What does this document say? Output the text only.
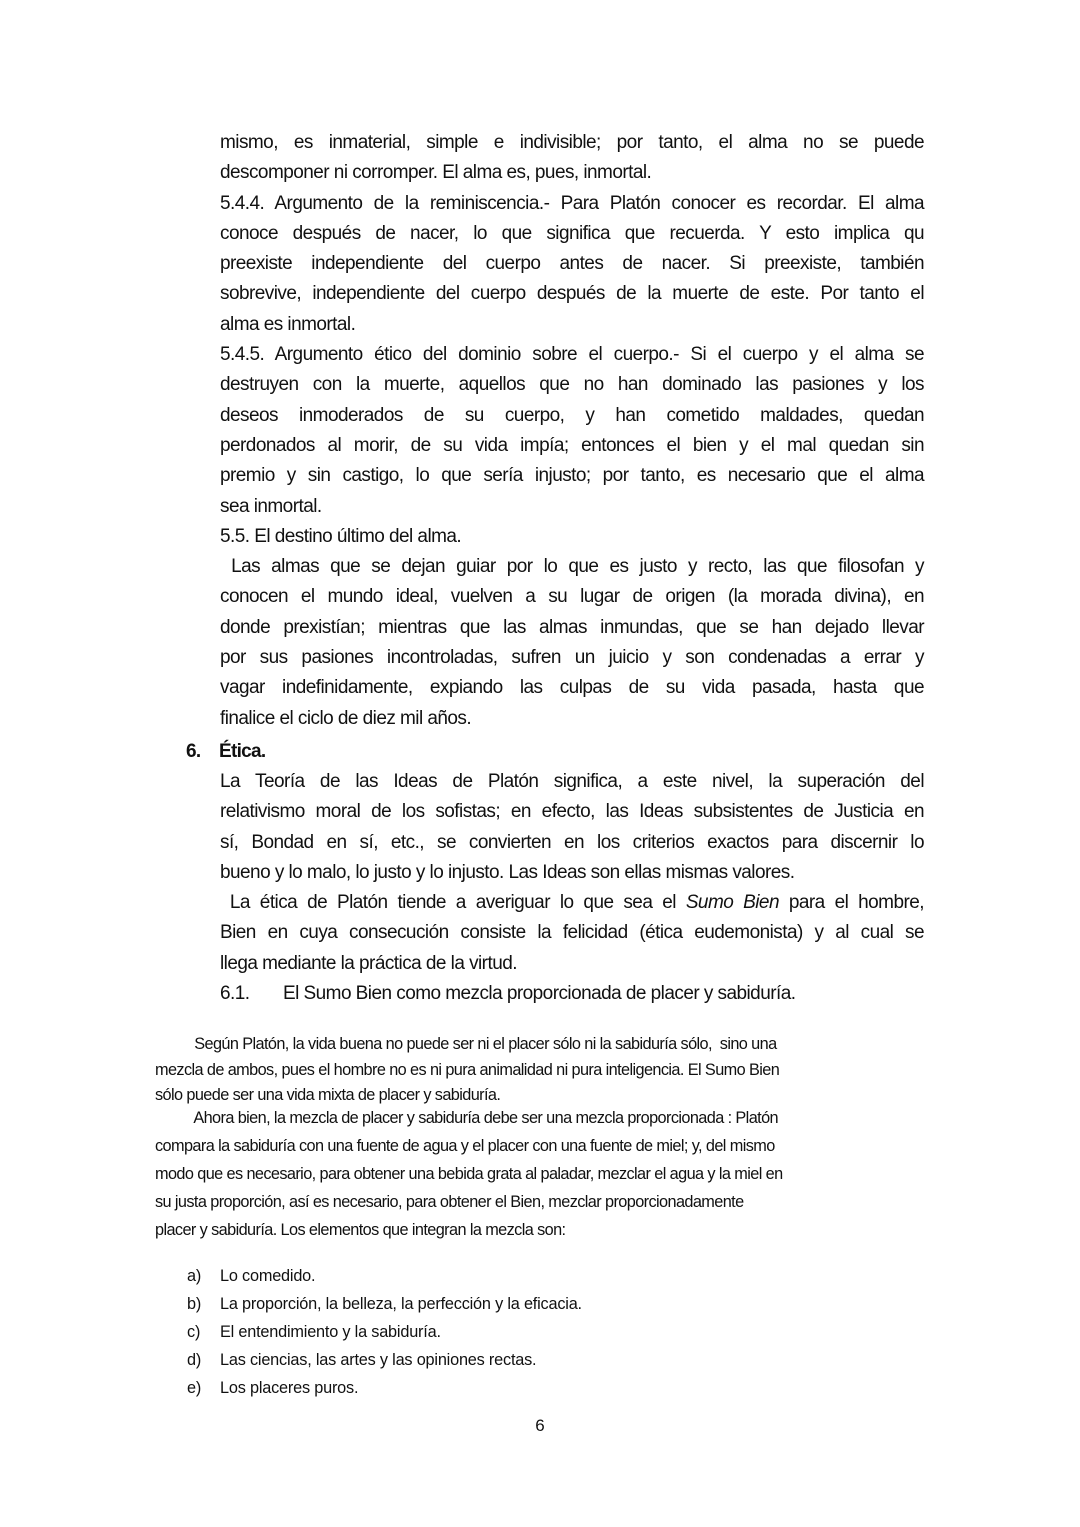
mismo, es inmaterial, simple e indivisible; por tanto, el alma no se puede
descomponer ni corromper. El alma es, pues, inmortal.
5.4.4. Argumento de la reminiscencia.- Para Platón conocer es recordar. El alma
conoce después de nacer, lo que significa que recuerda. Y esto implica qu
preexiste independiente del cuerpo antes de nacer. Si preexiste, también
sobrevive, independiente del cuerpo después de la muerte de este. Por tanto el
alma es inmortal.
5.4.5. Argumento ético del dominio sobre el cuerpo.- Si el cuerpo y el alma se
destruyen con la muerte, aquellos que no han dominado las pasiones y los
deseos inmoderados de su cuerpo, y han cometido maldades, quedan
perdonados al morir, de su vida impía; entonces el bien y el mal quedan sin
premio y sin castigo, lo que sería injusto; por tanto, es necesario que el alma
sea inmortal.
5.5. El destino último del alma.
Las almas que se dejan guiar por lo que es justo y recto, las que filosofan y
conocen el mundo ideal, vuelven a su lugar de origen (la morada divina), en
donde prexistían; mientras que las almas inmundas, que se han dejado llevar
por sus pasiones incontroladas, sufren un juicio y son condenadas a errar y
vagar indefinidamente, expiando las culpas de su vida pasada, hasta que
finalice el ciclo de diez mil años.
6. Ética.
La Teoría de las Ideas de Platón significa, a este nivel, la superación del
relativismo moral de los sofistas; en efecto, las Ideas subsistentes de Justicia en
sí, Bondad en sí, etc., se convierten en los criterios exactos para discernir lo
bueno y lo malo, lo justo y lo injusto. Las Ideas son ellas mismas valores.
La ética de Platón tiende a averiguar lo que sea el Sumo Bien para el hombre,
Bien en cuya consecución consiste la felicidad (ética eudemonista) y al cual se
llega mediante la práctica de la virtud.
6.1. El Sumo Bien como mezcla proporcionada de placer y sabiduría.
Según Platón, la vida buena no puede ser ni el placer sólo ni la sabiduría sólo,  sino una
mezcla de ambos, pues el hombre no es ni pura animalidad ni pura inteligencia. El Sumo Bien
sólo puede ser una vida mixta de placer y sabiduría.
Ahora bien, la mezcla de placer y sabiduría debe ser una mezcla proporcionada : Platón
compara la sabiduría con una fuente de agua y el placer con una fuente de miel; y, del mismo
modo que es necesario, para obtener una bebida grata al paladar, mezclar el agua y la miel en
su justa proporción, así es necesario, para obtener el Bien, mezclar proporcionadamente
placer y sabiduría. Los elementos que integran la mezcla son:
a) Lo comedido.
b) La proporción, la belleza, la perfección y la eficacia.
c) El entendimiento y la sabiduría.
d) Las ciencias, las artes y las opiniones rectas.
e) Los placeres puros.
6
